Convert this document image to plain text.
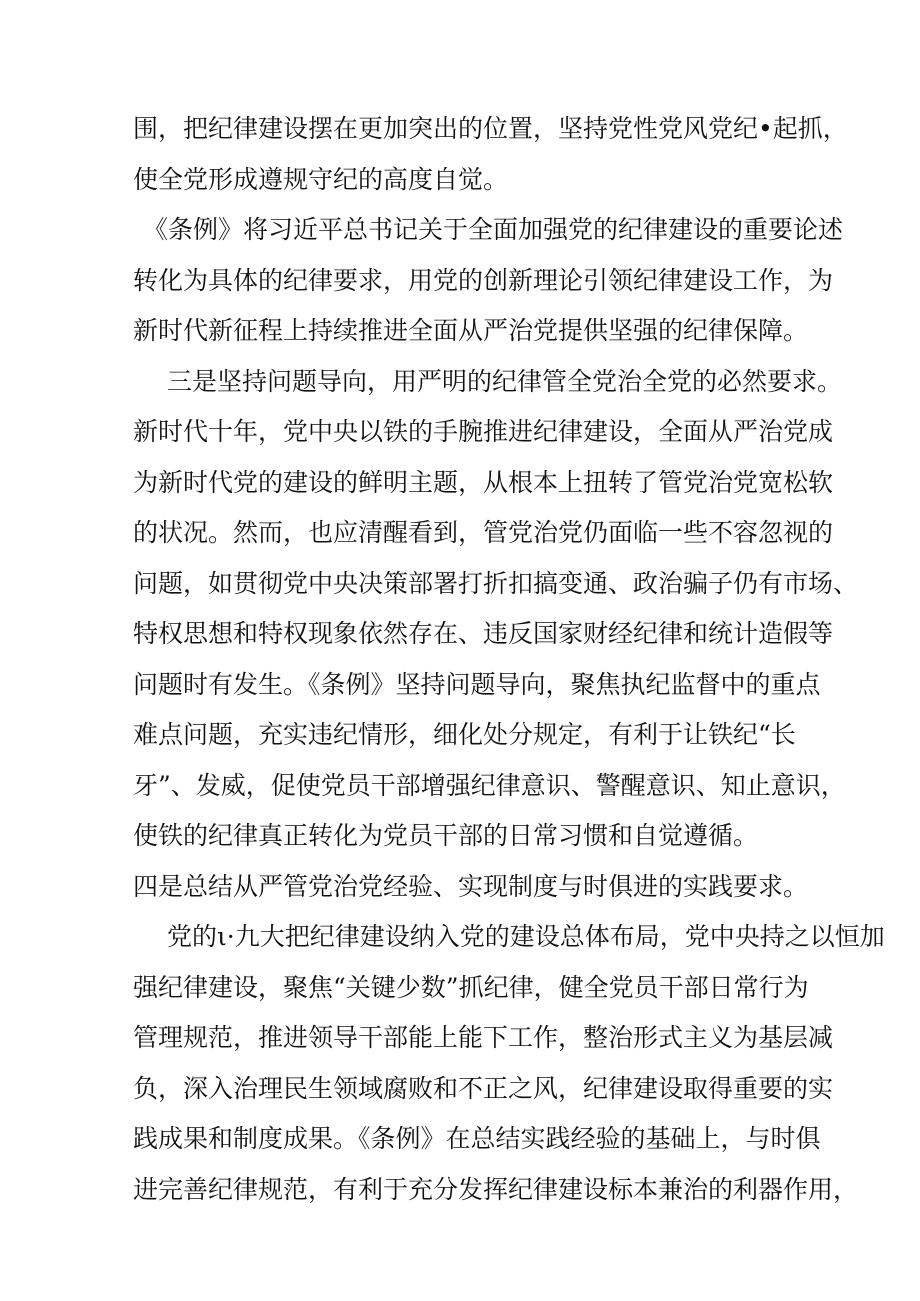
围，把纪律建设摆在更加突出的位置，坚持党性党风党纪•起抓，
使全党形成遵规守纪的高度自觉。
《条例》将习近平总书记关于全面加强党的纪律建设的重要论述
转化为具体的纪律要求，用党的创新理论引领纪律建设工作，为
新时代新征程上持续推进全面从严治党提供坚强的纪律保障。
三是坚持问题导向，用严明的纪律管全党治全党的必然要求。
新时代十年，党中央以铁的手腕推进纪律建设，全面从严治党成
为新时代党的建设的鲜明主题，从根本上扭转了管党治党宽松软
的状况。然而，也应清醒看到，管党治党仍面临一些不容忽视的
问题，如贯彻党中央决策部署打折扣搞变通、政治骗子仍有市场、
特权思想和特权现象依然存在、违反国家财经纪律和统计造假等
问题时有发生。《条例》坚持问题导向，聚焦执纪监督中的重点
难点问题，充实违纪情形，细化处分规定，有利于让铁纪“长
牙”、发威，促使党员干部增强纪律意识、警醒意识、知止意识，
使铁的纪律真正转化为党员干部的日常习惯和自觉遵循。
四是总结从严管党治党经验、实现制度与时俱进的实践要求。
党的ι·九大把纪律建设纳入党的建设总体布局，党中央持之以恒加
强纪律建设，聚焦“关键少数”抓纪律，健全党员干部日常行为
管理规范，推进领导干部能上能下工作，整治形式主义为基层减
负，深入治理民生领域腐败和不正之风，纪律建设取得重要的实
践成果和制度成果。《条例》在总结实践经验的基础上，与时俱
进完善纪律规范，有利于充分发挥纪律建设标本兼治的利器作用，
